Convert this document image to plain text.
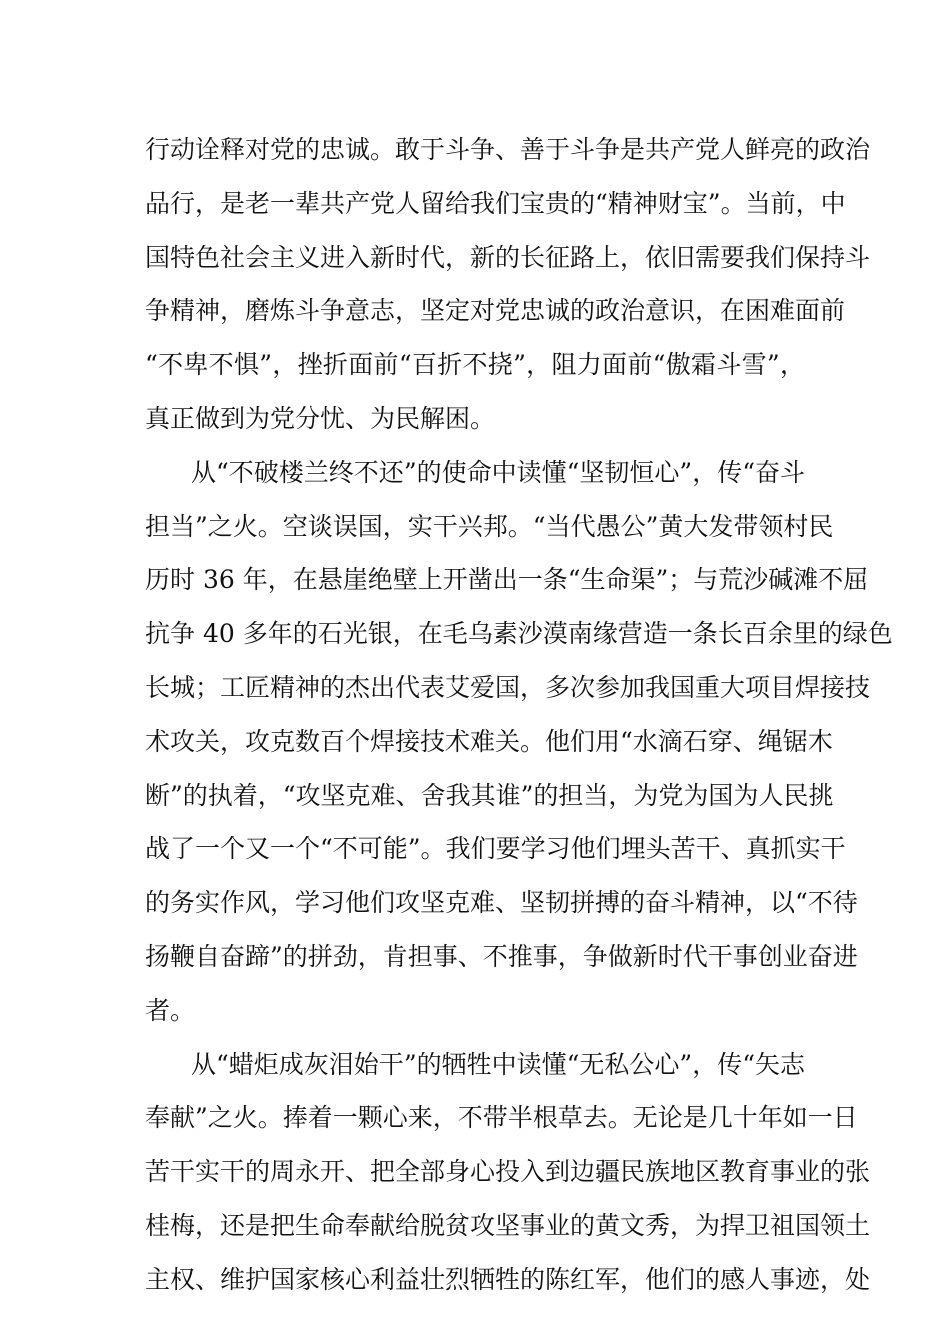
行动诠释对党的忠诚。敢于斗争、善于斗争是共产党人鲜亮的政治
品行，是老一辈共产党人留给我们宝贵的“精神财宝”。当前，中
国特色社会主义进入新时代，新的长征路上，依旧需要我们保持斗
争精神，磨炼斗争意志，坚定对党忠诚的政治意识，在困难面前
“不卑不惧”，挫折面前“百折不挠”，阻力面前“傲霜斗雪”，
真正做到为党分忧、为民解困。
从“不破楼兰终不还”的使命中读懂“坚韧恒心”，传“奋斗
担当”之火。空谈误国，实干兴邦。“当代愚公”黄大发带领村民
历时 36 年，在悬崖绝壁上开凿出一条“生命渠”；与荒沙碱滩不屈
抗争 40 多年的石光银，在毛乌素沙漠南缘营造一条长百余里的绿色
长城；工匠精神的杰出代表艾爱国，多次参加我国重大项目焊接技
术攻关，攻克数百个焊接技术难关。他们用“水滴石穿、绳锯木
断”的执着，“攻坚克难、舍我其谁”的担当，为党为国为人民挑
战了一个又一个“不可能”。我们要学习他们埋头苦干、真抓实干
的务实作风，学习他们攻坚克难、坚韧拼搏的奋斗精神，以“不待
扬鞭自奋蹄”的拼劲，肯担事、不推事，争做新时代干事创业奋进
者。
从“蜡炬成灰泪始干”的牺牲中读懂“无私公心”，传“矢志
奉献”之火。捧着一颗心来，不带半根草去。无论是几十年如一日
苦干实干的周永开、把全部身心投入到边疆民族地区教育事业的张
桂梅，还是把生命奉献给脱贫攻坚事业的黄文秀，为捍卫祖国领土
主权、维护国家核心利益壮烈牺牲的陈红军，他们的感人事迹，处
